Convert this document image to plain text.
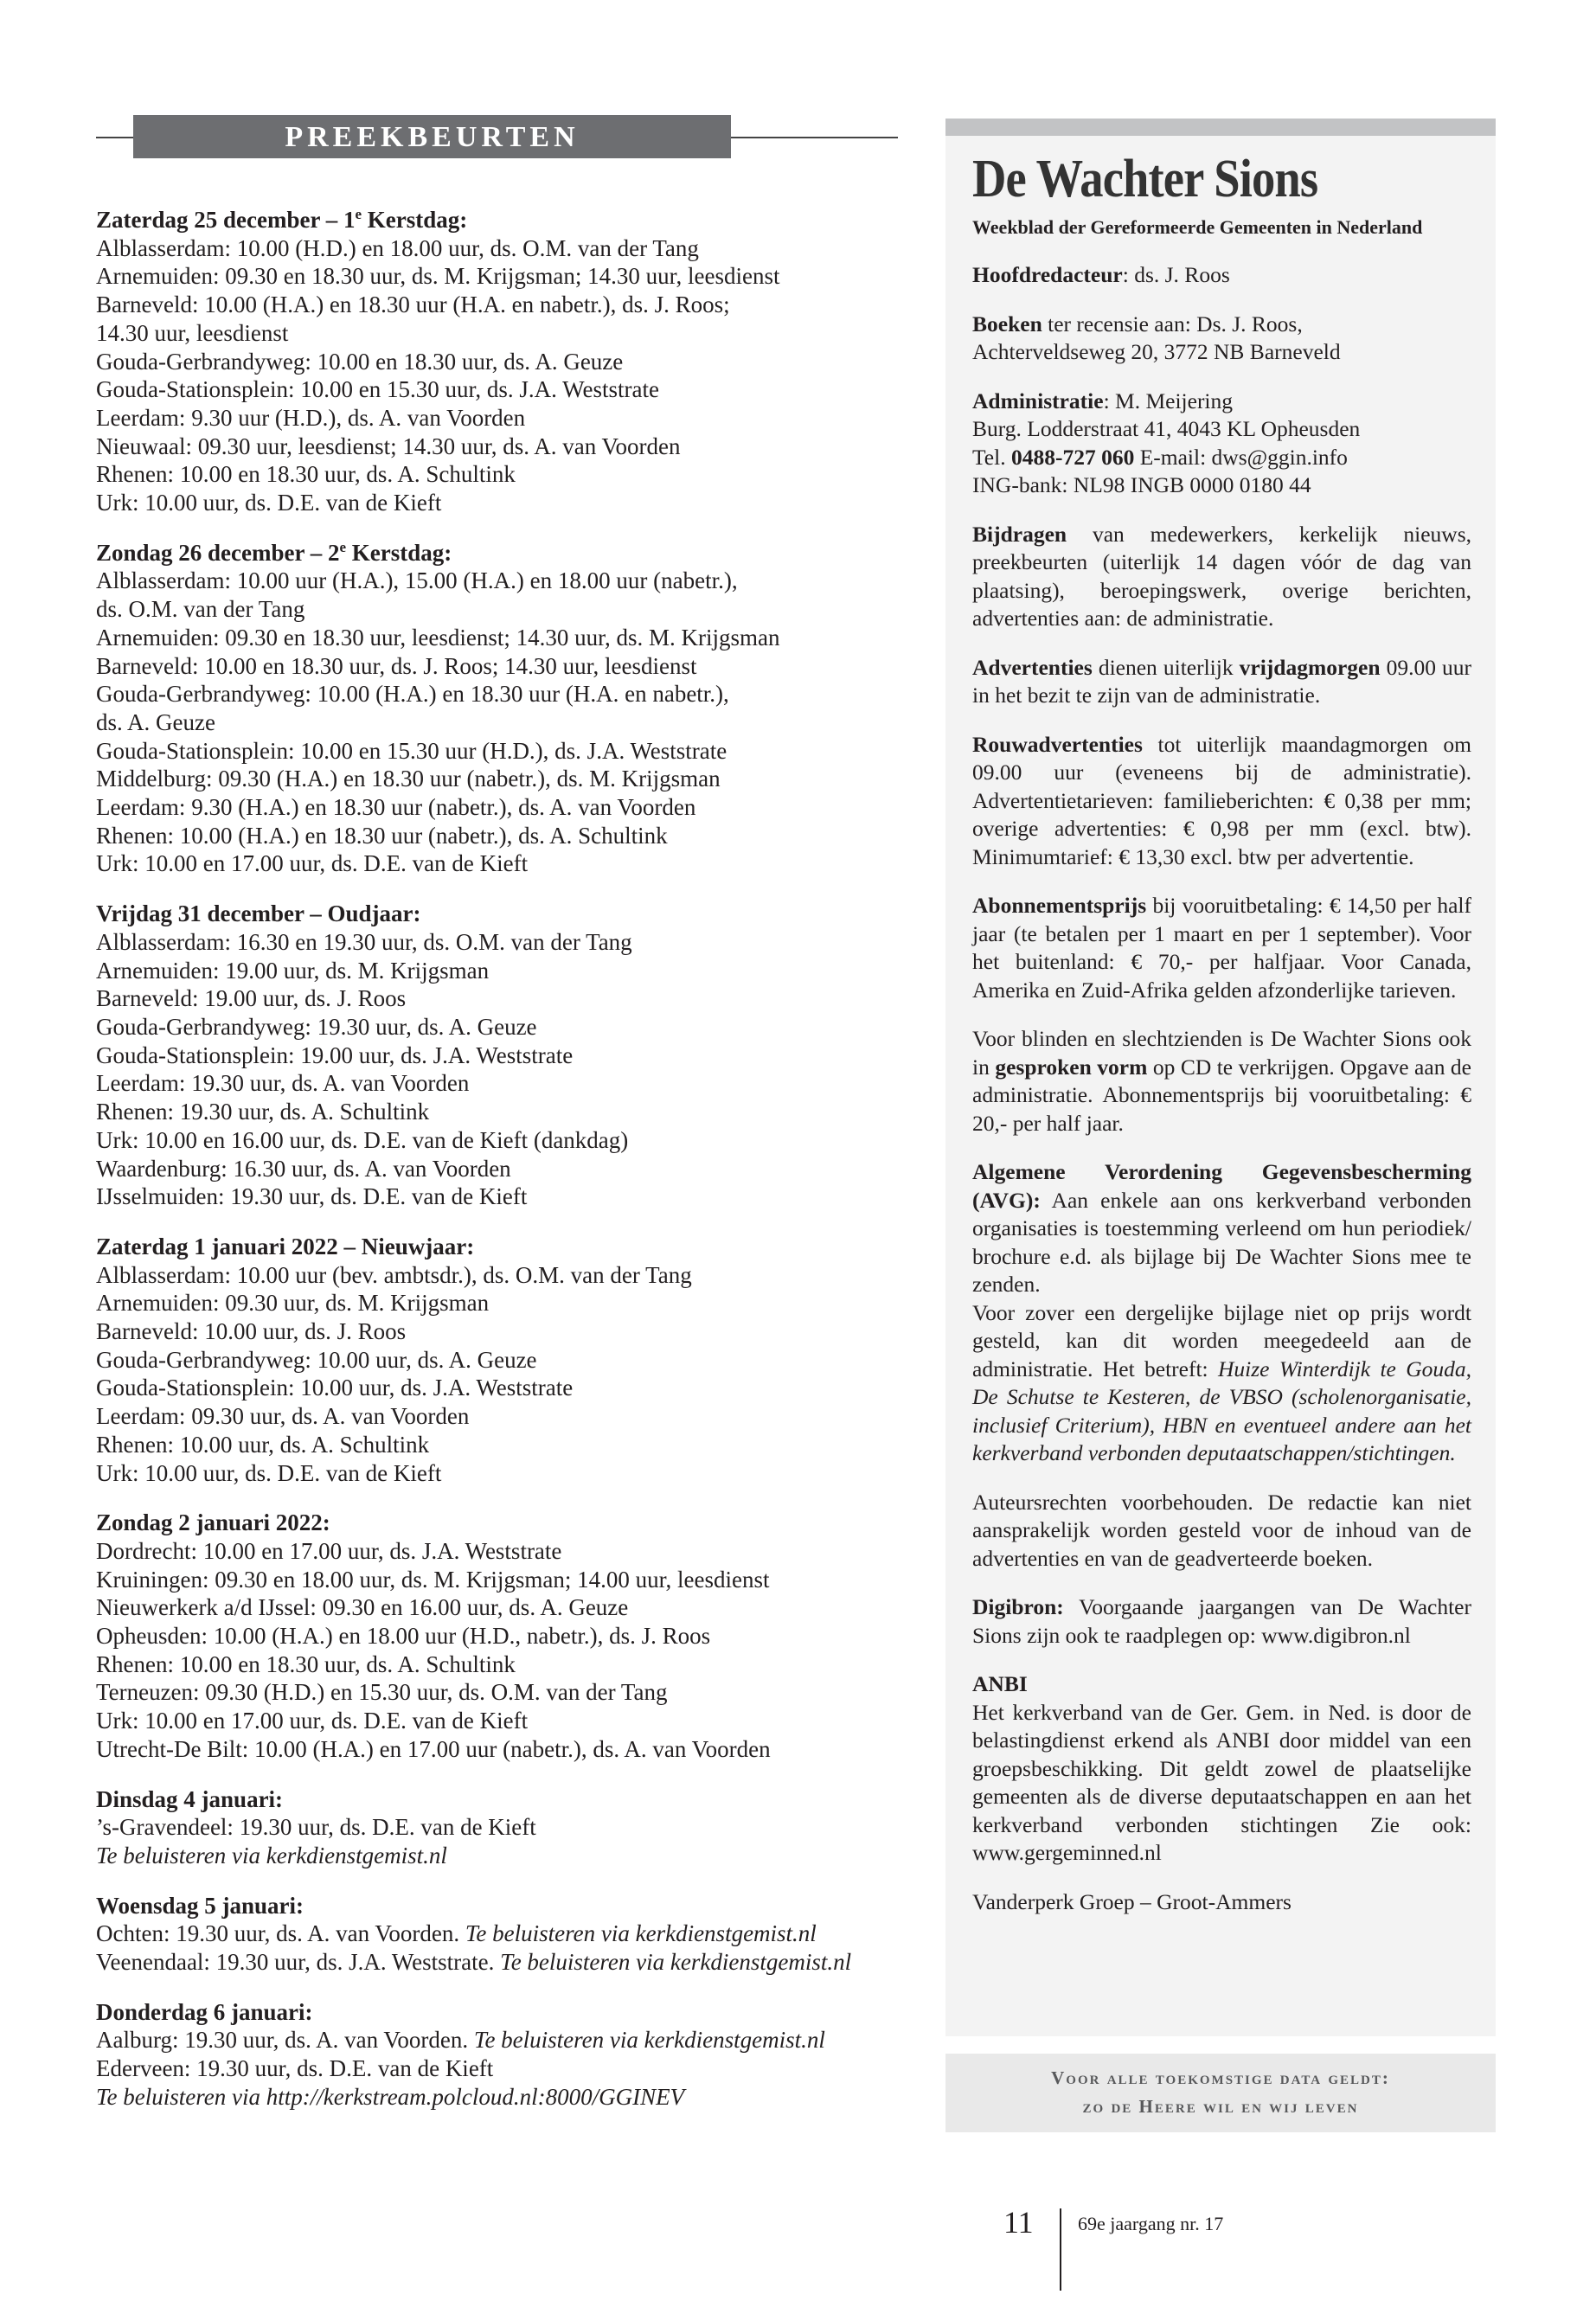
PREEKBEURTEN
Zaterdag 25 december – 1e Kerstdag:
Alblasserdam: 10.00 (H.D.) en 18.00 uur, ds. O.M. van der Tang
Arnemuiden: 09.30 en 18.30 uur, ds. M. Krijgsman; 14.30 uur, leesdienst
Barneveld: 10.00 (H.A.) en 18.30 uur (H.A. en nabetr.), ds. J. Roos;
14.30 uur, leesdienst
Gouda-Gerbrandyweg: 10.00 en 18.30 uur, ds. A. Geuze
Gouda-Stationsplein: 10.00 en 15.30 uur, ds. J.A. Weststrate
Leerdam: 9.30 uur (H.D.), ds. A. van Voorden
Nieuwaal: 09.30 uur, leesdienst; 14.30 uur, ds. A. van Voorden
Rhenen: 10.00 en 18.30 uur, ds. A. Schultink
Urk: 10.00 uur, ds. D.E. van de Kieft
Zondag 26 december – 2e Kerstdag:
Alblasserdam: 10.00 uur (H.A.), 15.00 (H.A.) en 18.00 uur (nabetr.),
ds. O.M. van der Tang
Arnemuiden: 09.30 en 18.30 uur, leesdienst; 14.30 uur, ds. M. Krijgsman
Barneveld: 10.00 en 18.30 uur, ds. J. Roos; 14.30 uur, leesdienst
Gouda-Gerbrandyweg: 10.00 (H.A.) en 18.30 uur (H.A. en nabetr.),
ds. A. Geuze
Gouda-Stationsplein: 10.00 en 15.30 uur (H.D.), ds. J.A. Weststrate
Middelburg: 09.30 (H.A.) en 18.30 uur (nabetr.), ds. M. Krijgsman
Leerdam: 9.30 (H.A.) en 18.30 uur (nabetr.), ds. A. van Voorden
Rhenen: 10.00 (H.A.) en 18.30 uur (nabetr.), ds. A. Schultink
Urk: 10.00 en 17.00 uur, ds. D.E. van de Kieft
Vrijdag 31 december – Oudjaar:
Alblasserdam: 16.30 en 19.30 uur, ds. O.M. van der Tang
Arnemuiden: 19.00 uur, ds. M. Krijgsman
Barneveld: 19.00 uur, ds. J. Roos
Gouda-Gerbrandyweg: 19.30 uur, ds. A. Geuze
Gouda-Stationsplein: 19.00 uur, ds. J.A. Weststrate
Leerdam: 19.30 uur, ds. A. van Voorden
Rhenen: 19.30 uur, ds. A. Schultink
Urk: 10.00 en 16.00 uur, ds. D.E. van de Kieft (dankdag)
Waardenburg: 16.30 uur, ds. A. van Voorden
IJsselmuiden: 19.30 uur, ds. D.E. van de Kieft
Zaterdag 1 januari 2022 – Nieuwjaar:
Alblasserdam: 10.00 uur (bev. ambtsdr.), ds. O.M. van der Tang
Arnemuiden: 09.30 uur, ds. M. Krijgsman
Barneveld: 10.00 uur, ds. J. Roos
Gouda-Gerbrandyweg: 10.00 uur, ds. A. Geuze
Gouda-Stationsplein: 10.00 uur, ds. J.A. Weststrate
Leerdam: 09.30 uur, ds. A. van Voorden
Rhenen: 10.00 uur, ds. A. Schultink
Urk: 10.00 uur, ds. D.E. van de Kieft
Zondag 2 januari 2022:
Dordrecht: 10.00 en 17.00 uur, ds. J.A. Weststrate
Kruiningen: 09.30 en 18.00 uur, ds. M. Krijgsman; 14.00 uur, leesdienst
Nieuwerkerk a/d IJssel: 09.30 en 16.00 uur, ds. A. Geuze
Opheusden: 10.00 (H.A.) en 18.00 uur (H.D., nabetr.), ds. J. Roos
Rhenen: 10.00 en 18.30 uur, ds. A. Schultink
Terneuzen: 09.30 (H.D.) en 15.30 uur, ds. O.M. van der Tang
Urk: 10.00 en 17.00 uur, ds. D.E. van de Kieft
Utrecht-De Bilt: 10.00 (H.A.) en 17.00 uur (nabetr.), ds. A. van Voorden
Dinsdag 4 januari:
’s-Gravendeel: 19.30 uur, ds. D.E. van de Kieft
Te beluisteren via kerkdienstgemist.nl
Woensdag 5 januari:
Ochten: 19.30 uur, ds. A. van Voorden. Te beluisteren via kerkdienstgemist.nl
Veenendaal: 19.30 uur, ds. J.A. Weststrate. Te beluisteren via kerkdienstgemist.nl
Donderdag 6 januari:
Aalburg: 19.30 uur, ds. A. van Voorden. Te beluisteren via kerkdienstgemist.nl
Ederveen: 19.30 uur, ds. D.E. van de Kieft
Te beluisteren via http://kerkstream.polcloud.nl:8000/GGINEV
De Wachter Sions
Weekblad der Gereformeerde Gemeenten in Nederland
Hoofdredacteur: ds. J. Roos
Boeken ter recensie aan: Ds. J. Roos,
Achterveldseweg 20, 3772 NB Barneveld
Administratie: M. Meijering
Burg. Lodderstraat 41, 4043 KL Opheusden
Tel. 0488-727 060 E-mail: dws@ggin.info
ING-bank: NL98 INGB 0000 0180 44
Bijdragen van medewerkers, kerkelijk nieuws, preekbeurten (uiterlijk 14 dagen vóór de dag van plaatsing), beroepingswerk, overige berichten, advertenties aan: de administratie.
Advertenties dienen uiterlijk vrijdagmorgen 09.00 uur in het bezit te zijn van de administratie.
Rouwadvertenties tot uiterlijk maandagmorgen om 09.00 uur (eveneens bij de administratie). Advertentietarieven: familieberichten: € 0,38 per mm; overige advertenties: € 0,98 per mm (excl. btw). Minimumtarief: € 13,30 excl. btw per advertentie.
Abonnementsprijs bij vooruitbetaling: € 14,50 per half jaar (te betalen per 1 maart en per 1 september). Voor het buitenland: € 70,- per halfjaar. Voor Canada, Amerika en Zuid-Afrika gelden afzonderlijke tarieven.
Voor blinden en slechtzienden is De Wachter Sions ook in gesproken vorm op CD te verkrijgen. Opgave aan de administratie. Abonnementsprijs bij vooruitbetaling: € 20,- per half jaar.
Algemene Verordening Gegevensbescherming (AVG): Aan enkele aan ons kerkverband verbonden organisaties is toestemming verleend om hun periodiek/ brochure e.d. als bijlage bij De Wachter Sions mee te zenden.
Voor zover een dergelijke bijlage niet op prijs wordt gesteld, kan dit worden meegedeeld aan de administratie. Het betreft: Huize Winterdijk te Gouda, De Schutse te Kesteren, de VBSO (scholenorganisatie, inclusief Criterium), HBN en eventueel andere aan het kerkverband verbonden deputaatschappen/stichtingen.
Auteursrechten voorbehouden. De redactie kan niet aansprakelijk worden gesteld voor de inhoud van de advertenties en van de geadverteerde boeken.
Digibron: Voorgaande jaargangen van De Wachter Sions zijn ook te raadplegen op: www.digibron.nl
ANBI
Het kerkverband van de Ger. Gem. in Ned. is door de belastingdienst erkend als ANBI door middel van een groepsbeschikking. Dit geldt zowel de plaatselijke gemeenten als de diverse deputaatschappen en aan het kerkverband verbonden stichtingen Zie ook: www.gergeminned.nl
Vanderperk Groep – Groot-Ammers
Voor alle toekomstige data geldt:
zo de Heere wil en wij leven
11 69e jaargang nr. 17
